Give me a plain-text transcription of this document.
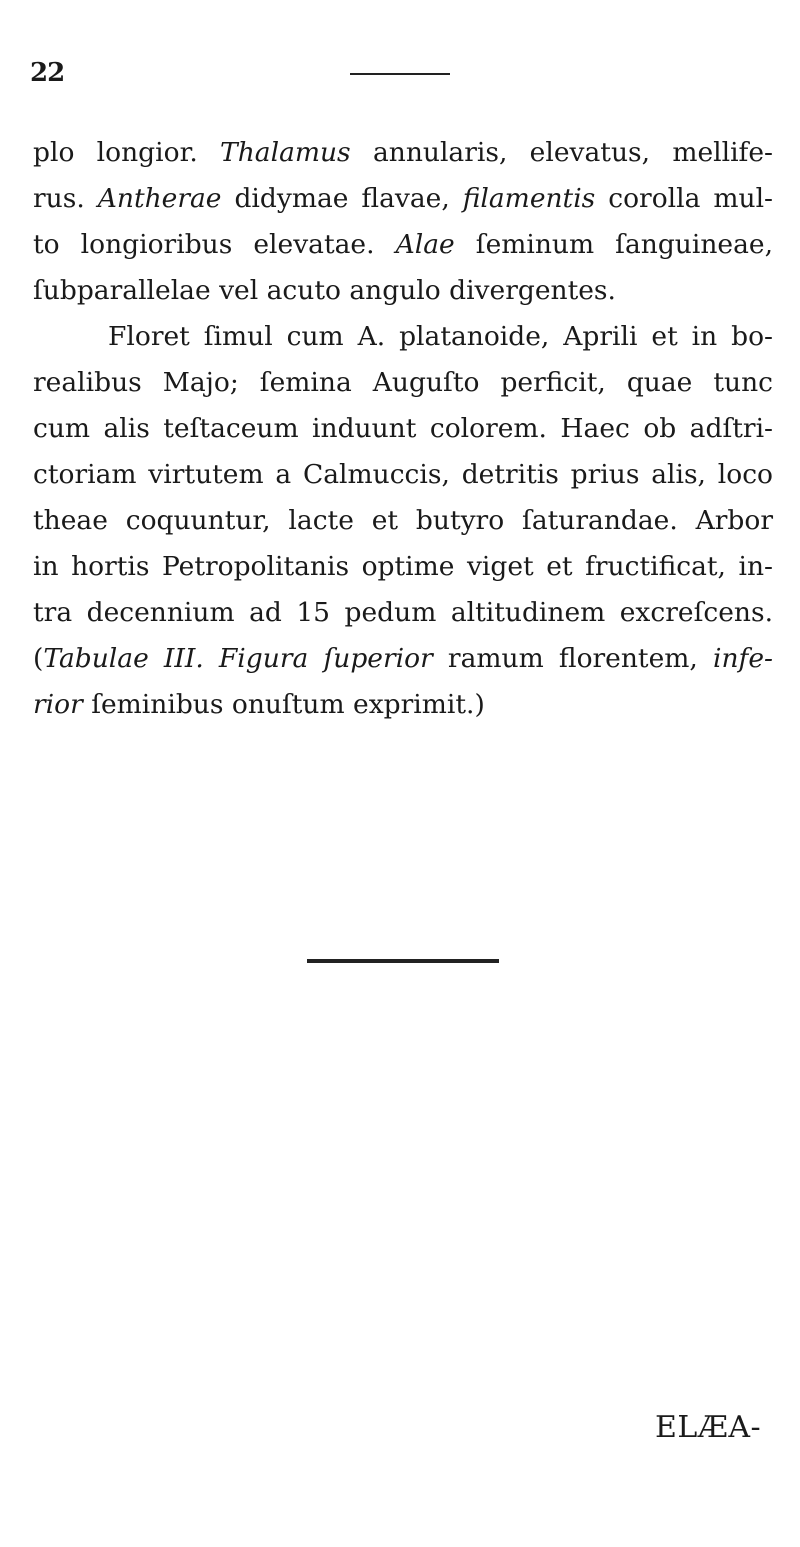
22
plo longior. Thalamus annularis, elevatus, mellife-
rus. Antherae didymae flavae, filamentis corolla mul-
to longioribus elevatae. Alae ſeminum ſanguineae,
ſubparallelae vel acuto angulo divergentes.
Floret ſimul cum A. platanoide, Aprili et in bo-
realibus Majo; ſemina Auguſto perficit, quae tunc
cum alis teſtaceum induunt colorem. Haec ob adſtri-
ctoriam virtutem a Calmuccis, detritis prius alis, loco
theae coquuntur, lacte et butyro ſaturandae. Arbor
in hortis Petropolitanis optime viget et fructificat, in-
tra decennium ad 15 pedum altitudinem excreſcens.
(Tabulae III. Figura ſuperior ramum florentem, infe-
rior ſeminibus onuſtum exprimit.)
ELÆA-
